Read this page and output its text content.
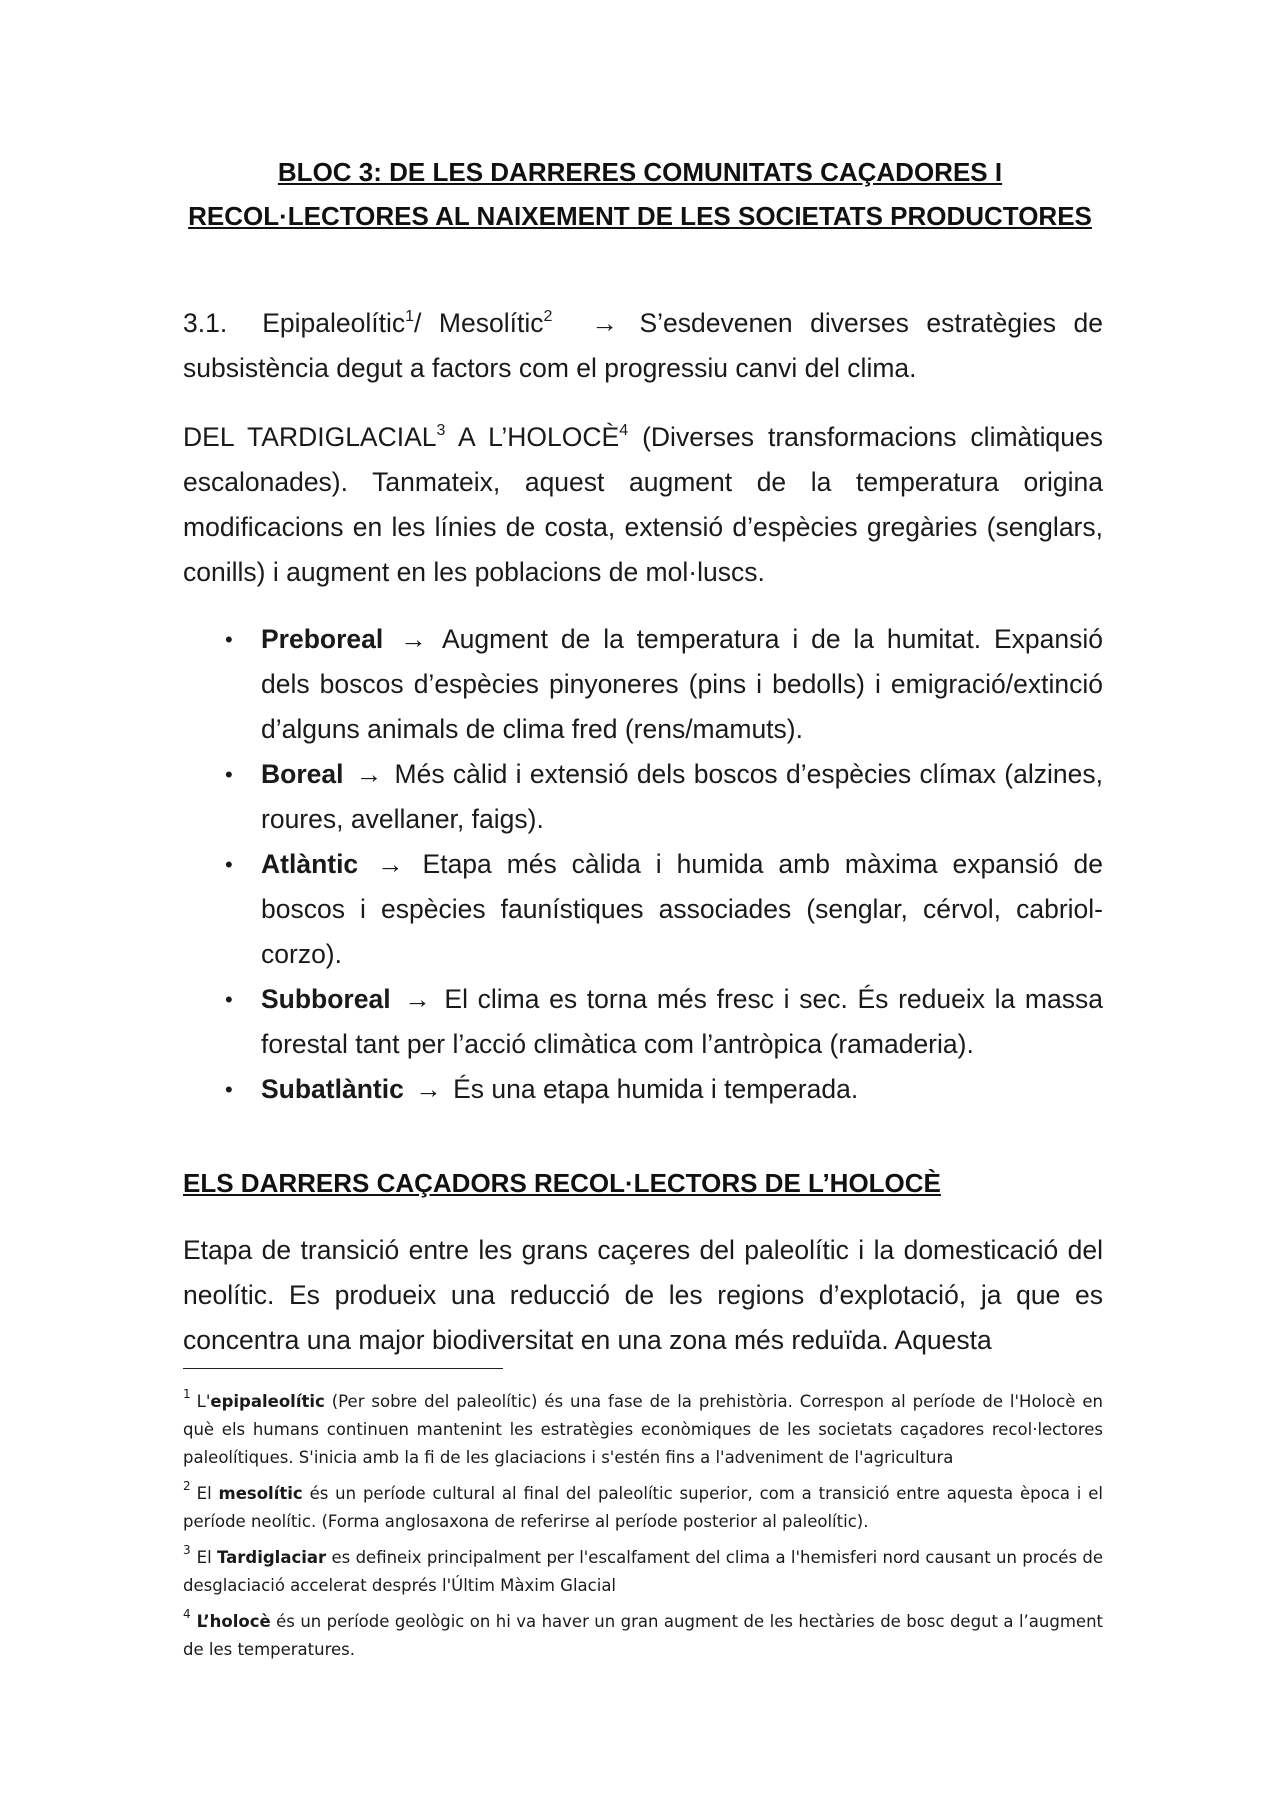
BLOC 3: DE LES DARRERES COMUNITATS CAÇADORES I
RECOL·LECTORES AL NAIXEMENT DE LES SOCIETATS PRODUCTORES

3.1. Epipaleolític$^1$/ Mesolític$^2$ → S’esdevenen diverses estratègies de subsistència degut a factors com el progressiu canvi del clima.

DEL TARDIGLACIAL$^3$ A L’HOLOCÈ$^4$ (Diverses transformacions climàtiques escalonades). Tanmateix, aquest augment de la temperatura origina modificacions en les línies de costa, extensió d’espècies gregàries (senglars, conills) i augment en les poblacions de mol·luscs.

• Preboreal → Augment de la temperatura i de la humitat. Expansió dels boscos d’espècies pinyoneres (pins i bedolls) i emigració/extinció d’alguns animals de clima fred (rens/mamuts).
• Boreal → Més càlid i extensió dels boscos d’espècies clímax (alzines, roures, avellaner, faigs).
• Atlàntic → Etapa més càlida i humida amb màxima expansió de boscos i espècies faunístiques associades (senglar, cérvol, cabriol-corzo).
• Subboreal → El clima es torna més fresc i sec. És redueix la massa forestal tant per l’acció climàtica com l’antròpica (ramaderia).
• Subatlàntic → És una etapa humida i temperada.
ELS DARRERS CAÇADORS RECOL·LECTORS DE L’HOLOCÈ

Etapa de transició entre les grans caçeres del paleolític i la domesticació del neolític. Es produeix una reducció de les regions d’explotació, ja que es concentra una major biodiversitat en una zona més reduïda. Aquesta

$^1$ L'epipaleolític (Per sobre del paleolític) és una fase de la prehistòria. Correspon al període de l'Holocè en què els humans continuen mantenint les estratègies econòmiques de les societats caçadores recol·lectores paleolítiques. S'inicia amb la fi de les glaciacions i s'estén fins a l'adveniment de l'agricultura

$^2$ El mesolític és un període cultural al final del paleolític superior, com a transició entre aquesta època i el període neolític. (Forma anglosaxona de referirse al període posterior al paleolític).

$^3$ El Tardiglaciar es defineix principalment per l'escalfament del clima a l'hemisferi nord causant un procés de desglaciació accelerat després l'Últim Màxim Glacial

$^4$ L’holocè és un període geològic on hi va haver un gran augment de les hectàries de bosc degut a l’augment de les temperatures.
